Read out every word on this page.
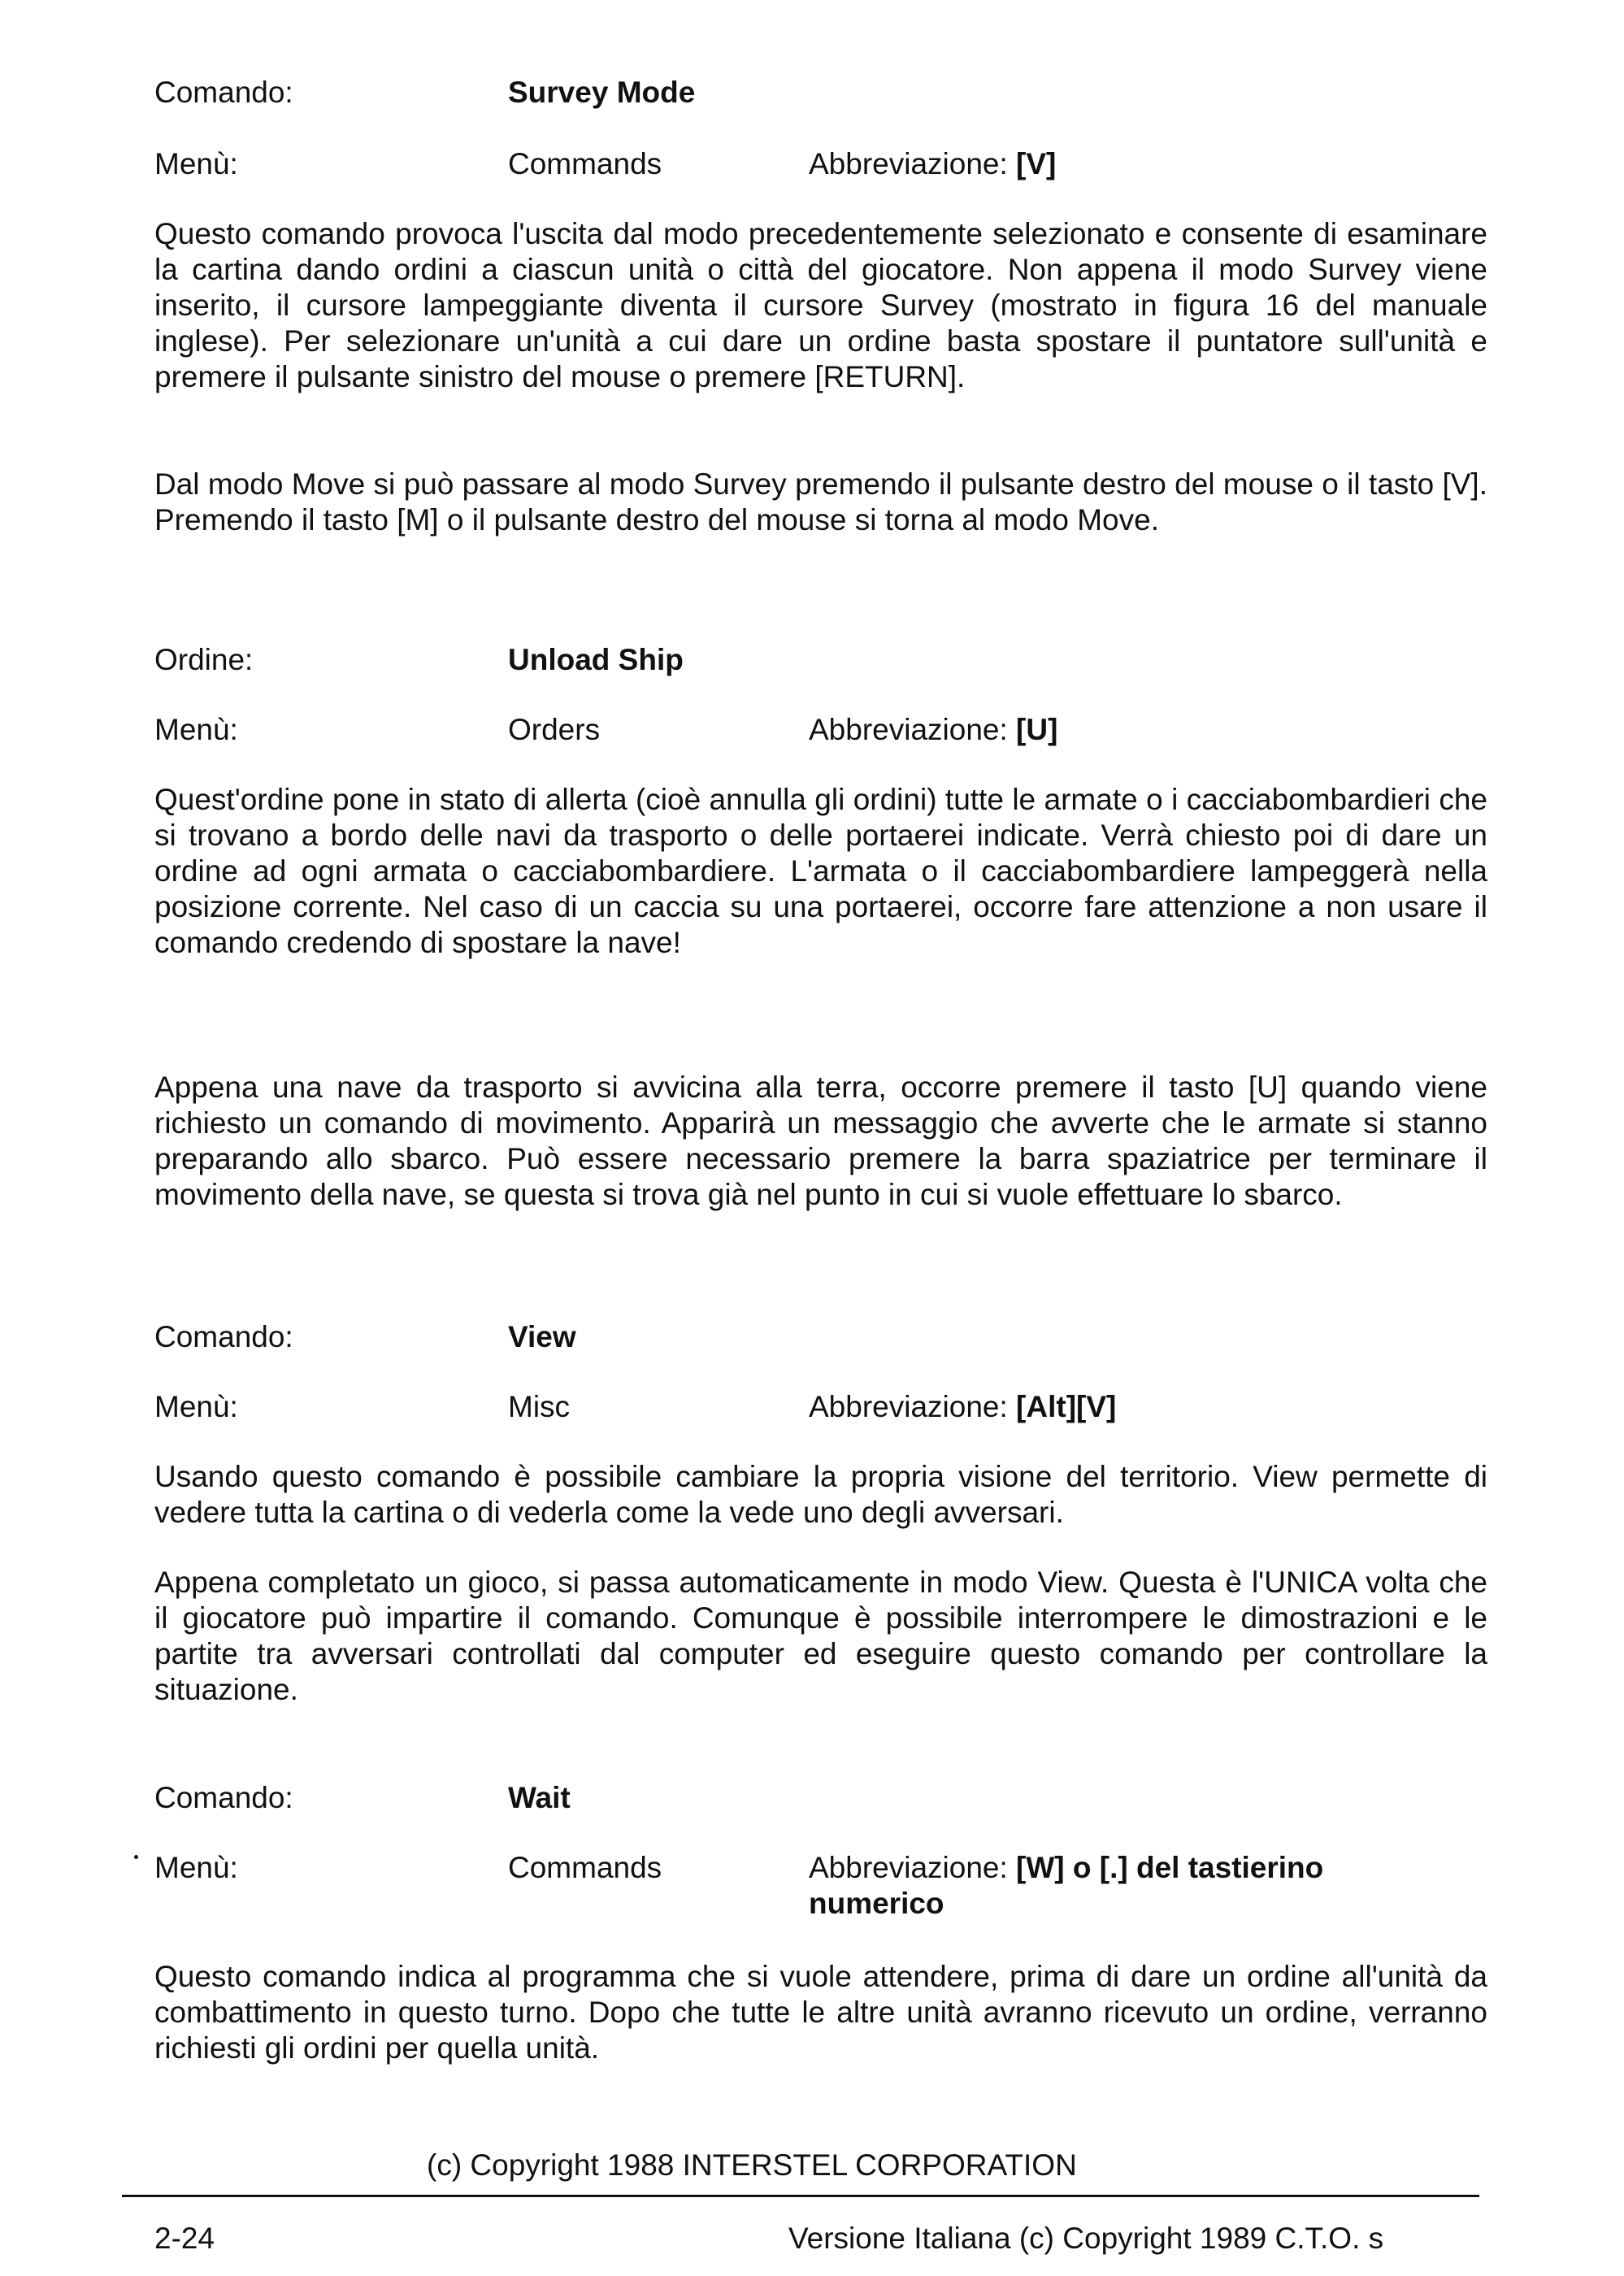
Comando:	Survey Mode
Menù:	Commands	Abbreviazione: [V]

Questo comando provoca l'uscita dal modo precedentemente selezionato e consente di esaminare la cartina dando ordini a ciascun unità o città del giocatore. Non appena il modo Survey viene inserito, il cursore lampeggiante diventa il cursore Survey (mostrato in figura 16 del manuale inglese). Per selezionare un'unità a cui dare un ordine basta spostare il puntatore sull'unità e premere il pulsante sinistro del mouse o premere [RETURN].

Dal modo Move si può passare al modo Survey premendo il pulsante destro del mouse o il tasto [V]. Premendo il tasto [M] o il pulsante destro del mouse si torna al modo Move.

Ordine:	Unload Ship
Menù:	Orders	Abbreviazione: [U]

Quest'ordine pone in stato di allerta (cioè annulla gli ordini) tutte le armate o i cacciabombardieri che si trovano a bordo delle navi da trasporto o delle portaerei indicate. Verrà chiesto poi di dare un ordine ad ogni armata o cacciabombardiere. L'armata o il cacciabombardiere lampeggerà nella posizione corrente. Nel caso di un caccia su una portaerei, occorre fare attenzione a non usare il comando credendo di spostare la nave!

Appena una nave da trasporto si avvicina alla terra, occorre premere il tasto [U] quando viene richiesto un comando di movimento. Apparirà un messaggio che avverte che le armate si stanno preparando allo sbarco. Può essere necessario premere la barra spaziatrice per terminare il movimento della nave, se questa si trova già nel punto in cui si vuole effettuare lo sbarco.

Comando:	View
Menù:	Misc	Abbreviazione: [Alt][V]

Usando questo comando è possibile cambiare la propria visione del territorio. View permette di vedere tutta la cartina o di vederla come la vede uno degli avversari.

Appena completato un gioco, si passa automaticamente in modo View. Questa è l'UNICA volta che il giocatore può impartire il comando. Comunque è possibile interrompere le dimostrazioni e le partite tra avversari controllati dal computer ed eseguire questo comando per controllare la situazione.

Comando:	Wait
Menù:	Commands	Abbreviazione: [W] o [.] del tastierino numerico

Questo comando indica al programma che si vuole attendere, prima di dare un ordine all'unità da combattimento in questo turno. Dopo che tutte le altre unità avranno ricevuto un ordine, verranno richiesti gli ordini per quella unità.

(c) Copyright 1988 INTERSTEL CORPORATION
2-24	Versione Italiana (c) Copyright 1989 C.T.O. s
